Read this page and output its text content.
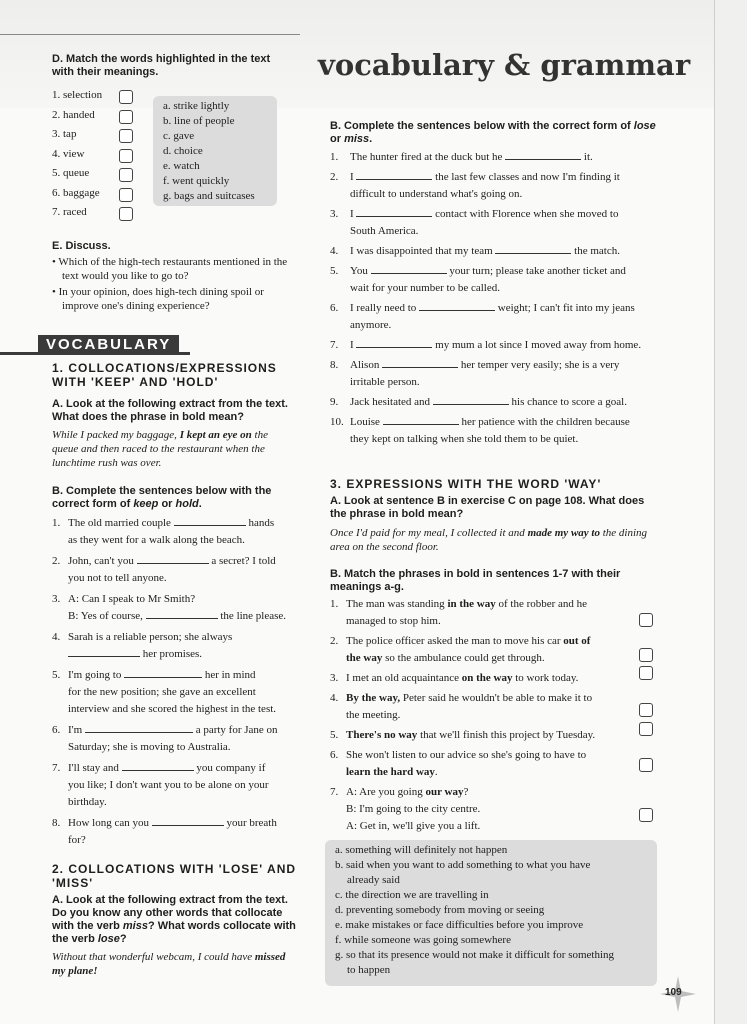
vocabulary & grammar
D. Match the words highlighted in the text with their meanings.
1. selection
2. handed
3. tap
4. view
5. queue
6. baggage
7. raced
a. strike lightly
b. line of people
c. gave
d. choice
e. watch
f. went quickly
g. bags and suitcases
E. Discuss.
• Which of the high-tech restaurants mentioned in the text would you like to go to?
• In your opinion, does high-tech dining spoil or improve one's dining experience?
VOCABULARY
1. COLLOCATIONS/EXPRESSIONS WITH 'KEEP' AND 'HOLD'
A. Look at the following extract from the text. What does the phrase in bold mean?
While I packed my baggage, I kept an eye on the queue and then raced to the restaurant when the lunchtime rush was over.
B. Complete the sentences below with the correct form of keep or hold.
1. The old married couple	hands
as they went for a walk along the beach.
2. John, can't you	a secret? I told
you not to tell anyone.
3. A: Can I speak to Mr Smith?
B: Yes of course,	the line please.
4. Sarah is a reliable person; she always
her promises.
5. I'm going to	her in mind
for the new position; she gave an excellent
interview and she scored the highest in the test.
6. I'm	a party for Jane on
Saturday; she is moving to Australia.
7. I'll stay and	you company if
you like; I don't want you to be alone on your
birthday.
8. How long can you	your breath
for?
2. COLLOCATIONS WITH 'LOSE' AND 'MISS'
A. Look at the following extract from the text. Do you know any other words that collocate with the verb miss? What words collocate with the verb lose?
Without that wonderful webcam, I could have missed my plane!
B. Complete the sentences below with the correct form of lose or miss.
1. The hunter fired at the duck but he	it.
2. I	the last few classes and now I'm finding it
difficult to understand what's going on.
3. I	contact with Florence when she moved to
South America.
4. I was disappointed that my team	the match.
5. You	your turn; please take another ticket and
wait for your number to be called.
6. I really need to	weight; I can't fit into my jeans
anymore.
7. I	my mum a lot since I moved away from home.
8. Alison	her temper very easily; she is a very
irritable person.
9. Jack hesitated and	his chance to score a goal.
10. Louise	her patience with the children because
they kept on talking when she told them to be quiet.
3. EXPRESSIONS WITH THE WORD 'WAY'
A. Look at sentence B in exercise C on page 108. What does the phrase in bold mean?
Once I'd paid for my meal, I collected it and made my way to the dining area on the second floor.
B. Match the phrases in bold in sentences 1-7 with their meanings a-g.
1. The man was standing in the way of the robber and he
managed to stop him.
2. The police officer asked the man to move his car out of
the way so the ambulance could get through.
3. I met an old acquaintance on the way to work today.
4. By the way, Peter said he wouldn't be able to make it to
the meeting.
5. There's no way that we'll finish this project by Tuesday.
6. She won't listen to our advice so she's going to have to
learn the hard way.
7. A: Are you going our way?
B: I'm going to the city centre.
A: Get in, we'll give you a lift.
a. something will definitely not happen
b. said when you want to add something to what you have
already said
c. the direction we are travelling in
d. preventing somebody from moving or seeing
e. make mistakes or face difficulties before you improve
f. while someone was going somewhere
g. so that its presence would not make it difficult for something
to happen
109
